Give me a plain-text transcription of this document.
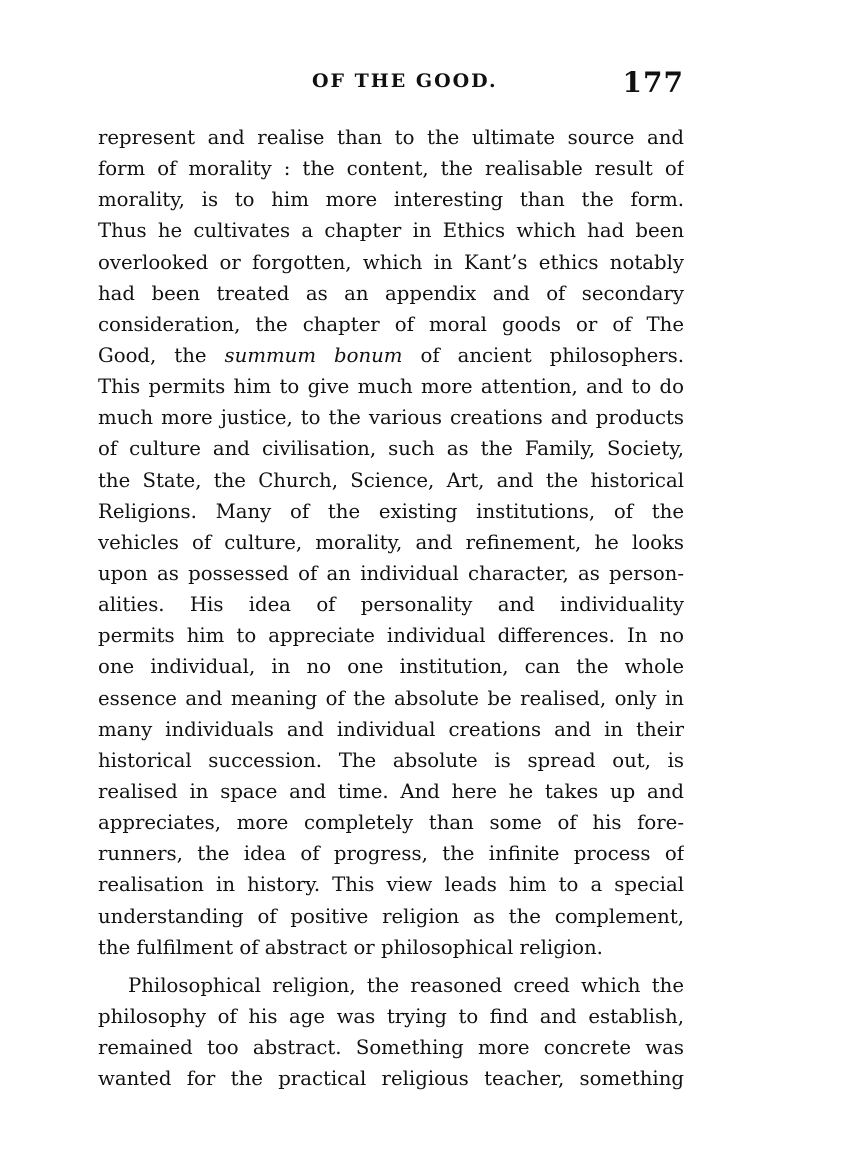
OF THE GOOD.	177
represent and realise than to the ultimate source and
form of morality : the content, the realisable result of
morality, is to him more interesting than the form.
Thus he cultivates a chapter in Ethics which had been
overlooked or forgotten, which in Kant’s ethics notably
had been treated as an appendix and of secondary
consideration, the chapter of moral goods or of The
Good, the summum bonum of ancient philosophers.
This permits him to give much more attention, and to do
much more justice, to the various creations and products
of culture and civilisation, such as the Family, Society,
the State, the Church, Science, Art, and the historical
Religions. Many of the existing institutions, of the
vehicles of culture, morality, and refinement, he looks
upon as possessed of an individual character, as person-
alities. His idea of personality and individuality
permits him to appreciate individual differences. In no
one individual, in no one institution, can the whole
essence and meaning of the absolute be realised, only in
many individuals and individual creations and in their
historical succession. The absolute is spread out, is
realised in space and time. And here he takes up and
appreciates, more completely than some of his fore-
runners, the idea of progress, the infinite process of
realisation in history. This view leads him to a special
understanding of positive religion as the complement,
the fulfilment of abstract or philosophical religion.
Philosophical religion, the reasoned creed which the
philosophy of his age was trying to find and establish,
remained too abstract. Something more concrete was
wanted for the practical religious teacher, something
